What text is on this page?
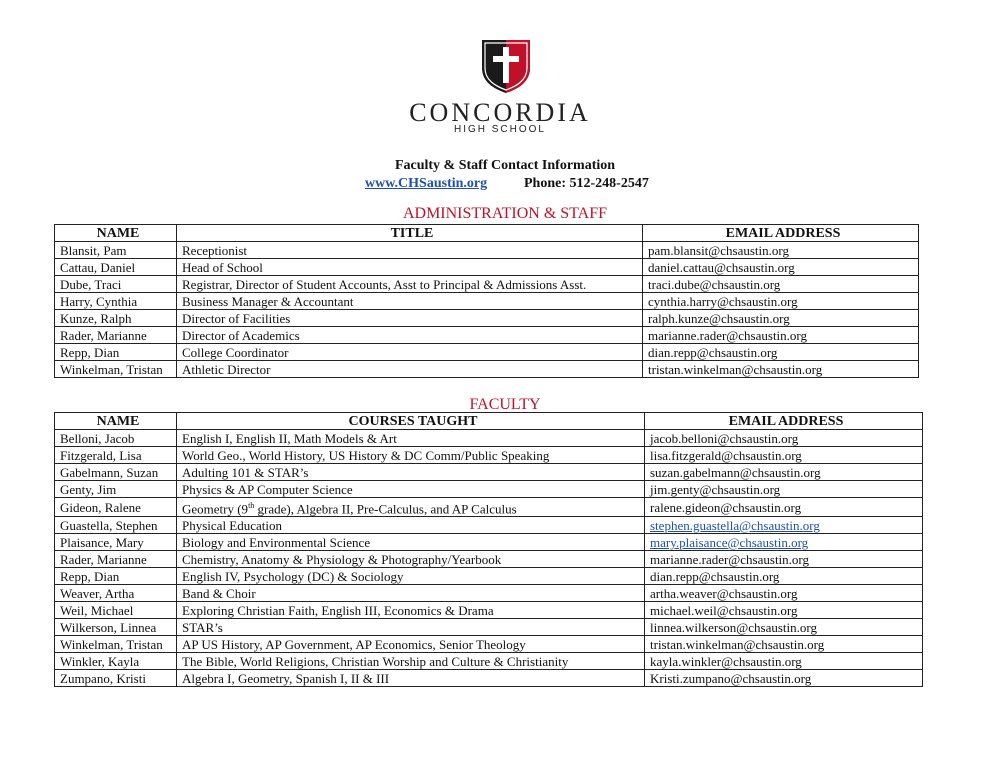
CONCORDIA
HIGH SCHOOL
Faculty & Staff Contact Information
www.CHSaustin.org	Phone: 512-248-2547
ADMINISTRATION & STAFF
NAME	TITLE	EMAIL ADDRESS
Blansit, Pam	Receptionist	pam.blansit@chsaustin.org
Cattau, Daniel	Head of School	daniel.cattau@chsaustin.org
Dube, Traci	Registrar, Director of Student Accounts, Asst to Principal & Admissions Asst.	traci.dube@chsaustin.org
Harry, Cynthia	Business Manager & Accountant	cynthia.harry@chsaustin.org
Kunze, Ralph	Director of Facilities	ralph.kunze@chsaustin.org
Rader, Marianne	Director of Academics	marianne.rader@chsaustin.org
Repp, Dian	College Coordinator	dian.repp@chsaustin.org
Winkelman, Tristan	Athletic Director	tristan.winkelman@chsaustin.org
FACULTY
NAME	COURSES TAUGHT	EMAIL ADDRESS
Belloni, Jacob	English I, English II, Math Models & Art	jacob.belloni@chsaustin.org
Fitzgerald, Lisa	World Geo., World History, US History & DC Comm/Public Speaking	lisa.fitzgerald@chsaustin.org
Gabelmann, Suzan	Adulting 101 & STAR’s	suzan.gabelmann@chsaustin.org
Genty, Jim	Physics & AP Computer Science	jim.genty@chsaustin.org
Gideon, Ralene	Geometry (9th grade), Algebra II, Pre-Calculus, and AP Calculus	ralene.gideon@chsaustin.org
Guastella, Stephen	Physical Education	stephen.guastella@chsaustin.org
Plaisance, Mary	Biology and Environmental Science	mary.plaisance@chsaustin.org
Rader, Marianne	Chemistry, Anatomy & Physiology & Photography/Yearbook	marianne.rader@chsaustin.org
Repp, Dian	English IV, Psychology (DC) & Sociology	dian.repp@chsaustin.org
Weaver, Artha	Band & Choir	artha.weaver@chsaustin.org
Weil, Michael	Exploring Christian Faith, English III, Economics & Drama	michael.weil@chsaustin.org
Wilkerson, Linnea	STAR’s	linnea.wilkerson@chsaustin.org
Winkelman, Tristan	AP US History, AP Government, AP Economics, Senior Theology	tristan.winkelman@chsaustin.org
Winkler, Kayla	The Bible, World Religions, Christian Worship and Culture & Christianity	kayla.winkler@chsaustin.org
Zumpano, Kristi	Algebra I, Geometry, Spanish I, II & III	Kristi.zumpano@chsaustin.org
